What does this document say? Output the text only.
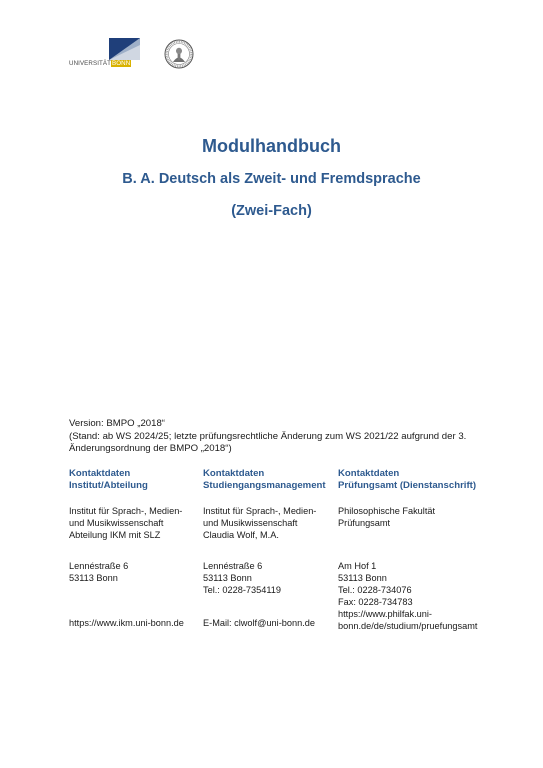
UNIVERSITÄTBONN
Modulhandbuch
B. A. Deutsch als Zweit- und Fremdsprache
(Zwei-Fach)
Version: BMPO „2018“
(Stand: ab WS 2024/25; letzte prüfungsrechtliche Änderung zum WS 2021/22 aufgrund der 3.
Änderungsordnung der BMPO „2018“)
Kontaktdaten
Institut/Abteilung
Institut für Sprach-, Medien-
und Musikwissenschaft
Abteilung IKM mit SLZ
Lennéstraße 6
53113 Bonn
https://www.ikm.uni-bonn.de
Kontaktdaten
Studiengangsmanagement
Institut für Sprach-, Medien-
und Musikwissenschaft
Claudia Wolf, M.A.
Lennéstraße 6
53113 Bonn
Tel.: 0228-7354119
E-Mail: clwolf@uni-bonn.de
Kontaktdaten
Prüfungsamt (Dienstanschrift)
Philosophische Fakultät
Prüfungsamt
Am Hof 1
53113 Bonn
Tel.: 0228-734076
Fax: 0228-734783
https://www.philfak.uni-
bonn.de/de/studium/pruefungsamt
